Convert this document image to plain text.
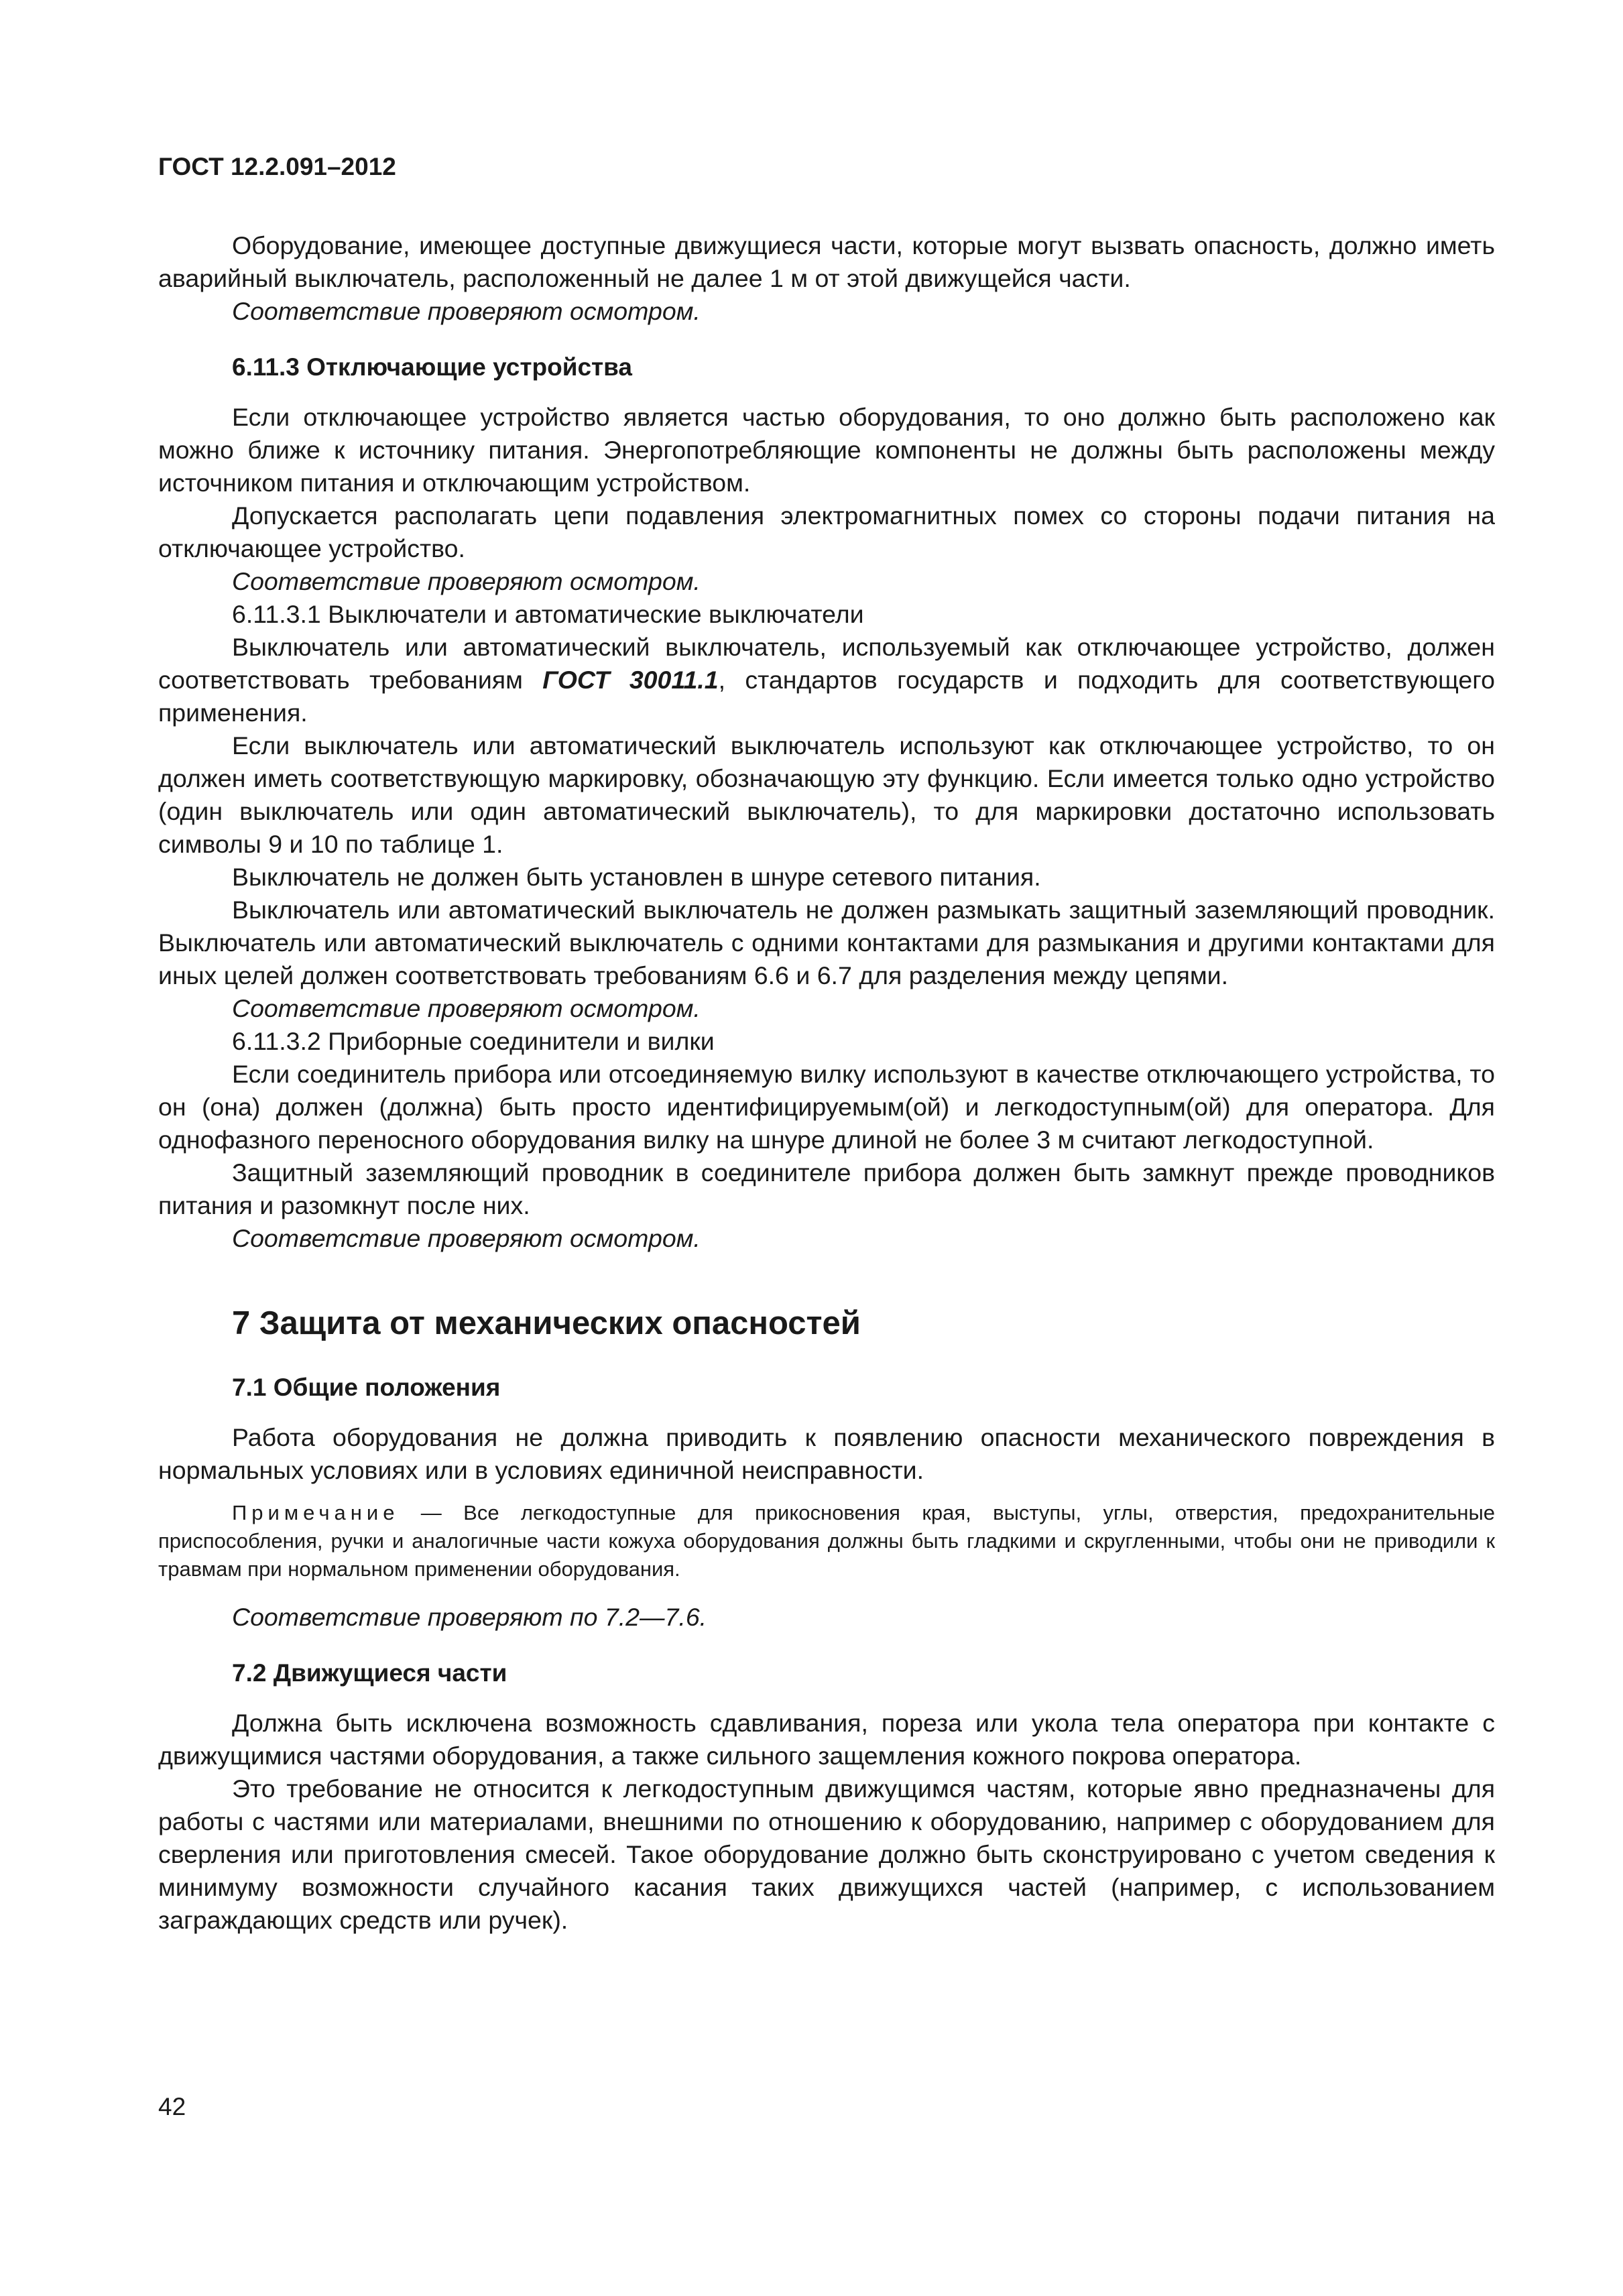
ГОСТ 12.2.091–2012

Оборудование, имеющее доступные движущиеся части, которые могут вызвать опасность, должно иметь аварийный выключатель, расположенный не далее 1 м от этой движущейся части.

Соответствие проверяют осмотром.

6.11.3 Отключающие устройства

Если отключающее устройство является частью оборудования, то оно должно быть расположено как можно ближе к источнику питания. Энергопотребляющие компоненты не должны быть расположены между источником питания и отключающим устройством.

Допускается располагать цепи подавления электромагнитных помех со стороны подачи питания на отключающее устройство.

Соответствие проверяют осмотром.

6.11.3.1 Выключатели и автоматические выключатели

Выключатель или автоматический выключатель, используемый как отключающее устройство, должен соответствовать требованиям ГОСТ 30011.1, стандартов государств и подходить для соответствующего применения.

Если выключатель или автоматический выключатель используют как отключающее устройство, то он должен иметь соответствующую маркировку, обозначающую эту функцию. Если имеется только одно устройство (один выключатель или один автоматический выключатель), то для маркировки достаточно использовать символы 9 и 10 по таблице 1.

Выключатель не должен быть установлен в шнуре сетевого питания.

Выключатель или автоматический выключатель не должен размыкать защитный заземляющий проводник. Выключатель или автоматический выключатель с одними контактами для размыкания и другими контактами для иных целей должен соответствовать требованиям 6.6 и 6.7 для разделения между цепями.

Соответствие проверяют осмотром.

6.11.3.2 Приборные соединители и вилки

Если соединитель прибора или отсоединяемую вилку используют в качестве отключающего устройства, то он (она) должен (должна) быть просто идентифицируемым(ой) и легкодоступным(ой) для оператора. Для однофазного переносного оборудования вилку на шнуре длиной не более 3 м считают легкодоступной.

Защитный заземляющий проводник в соединителе прибора должен быть замкнут прежде проводников питания и разомкнут после них.

Соответствие проверяют осмотром.

7 Защита от механических опасностей
7.1 Общие положения

Работа оборудования не должна приводить к появлению опасности механического повреждения в нормальных условиях или в условиях единичной неисправности.

Примечание — Все легкодоступные для прикосновения края, выступы, углы, отверстия, предохранительные приспособления, ручки и аналогичные части кожуха оборудования должны быть гладкими и скругленными, чтобы они не приводили к травмам при нормальном применении оборудования.

Соответствие проверяют по 7.2—7.6.

7.2 Движущиеся части

Должна быть исключена возможность сдавливания, пореза или укола тела оператора при контакте с движущимися частями оборудования, а также сильного защемления кожного покрова оператора.

Это требование не относится к легкодоступным движущимся частям, которые явно предназначены для работы с частями или материалами, внешними по отношению к оборудованию, например с оборудованием для сверления или приготовления смесей. Такое оборудование должно быть сконструировано с учетом сведения к минимуму возможности случайного касания таких движущихся частей (например, с использованием заграждающих средств или ручек).

42
